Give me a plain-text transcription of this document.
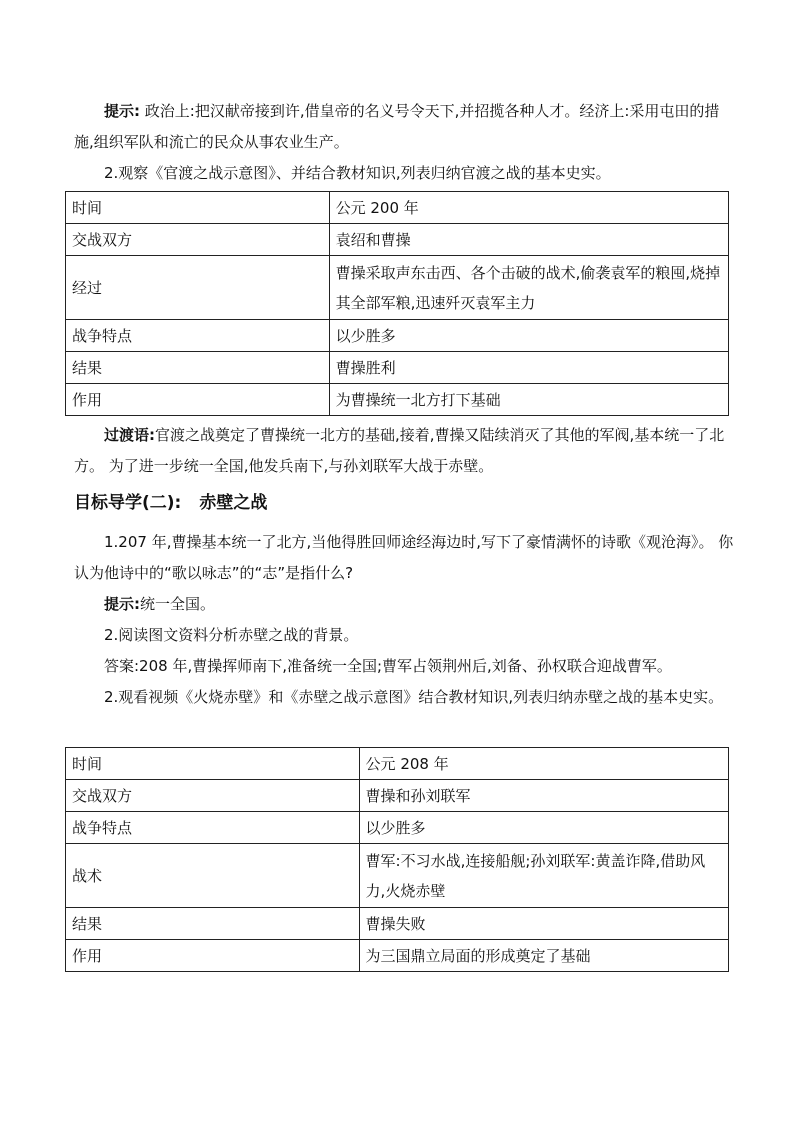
提示: 政治上:把汉献帝接到许,借皇帝的名义号令天下,并招揽各种人才。经济上:采用屯田的措施,组织军队和流亡的民众从事农业生产。

2.观察《官渡之战示意图》、并结合教材知识,列表归纳官渡之战的基本史实。

时间	公元 200 年
交战双方	袁绍和曹操
经过	曹操采取声东击西、各个击破的战术,偷袭袁军的粮囤,烧掉其全部军粮,迅速歼灭袁军主力
战争特点	以少胜多
结果	曹操胜利
作用	为曹操统一北方打下基础

过渡语:官渡之战奠定了曹操统一北方的基础,接着,曹操又陆续消灭了其他的军阀,基本统一了北方。 为了进一步统一全国,他发兵南下,与孙刘联军大战于赤壁。

目标导学(二): 赤壁之战

1.207 年,曹操基本统一了北方,当他得胜回师途经海边时,写下了豪情满怀的诗歌《观沧海》。 你认为他诗中的“歌以咏志”的“志”是指什么?

提示:统一全国。

2.阅读图文资料分析赤壁之战的背景。

答案:208 年,曹操挥师南下,准备统一全国;曹军占领荆州后,刘备、孙权联合迎战曹军。

2.观看视频《火烧赤壁》和《赤壁之战示意图》结合教材知识,列表归纳赤壁之战的基本史实。

时间	公元 208 年
交战双方	曹操和孙刘联军
战争特点	以少胜多
战术	曹军:不习水战,连接船舰;孙刘联军:黄盖诈降,借助风力,火烧赤壁
结果	曹操失败
作用	为三国鼎立局面的形成奠定了基础
